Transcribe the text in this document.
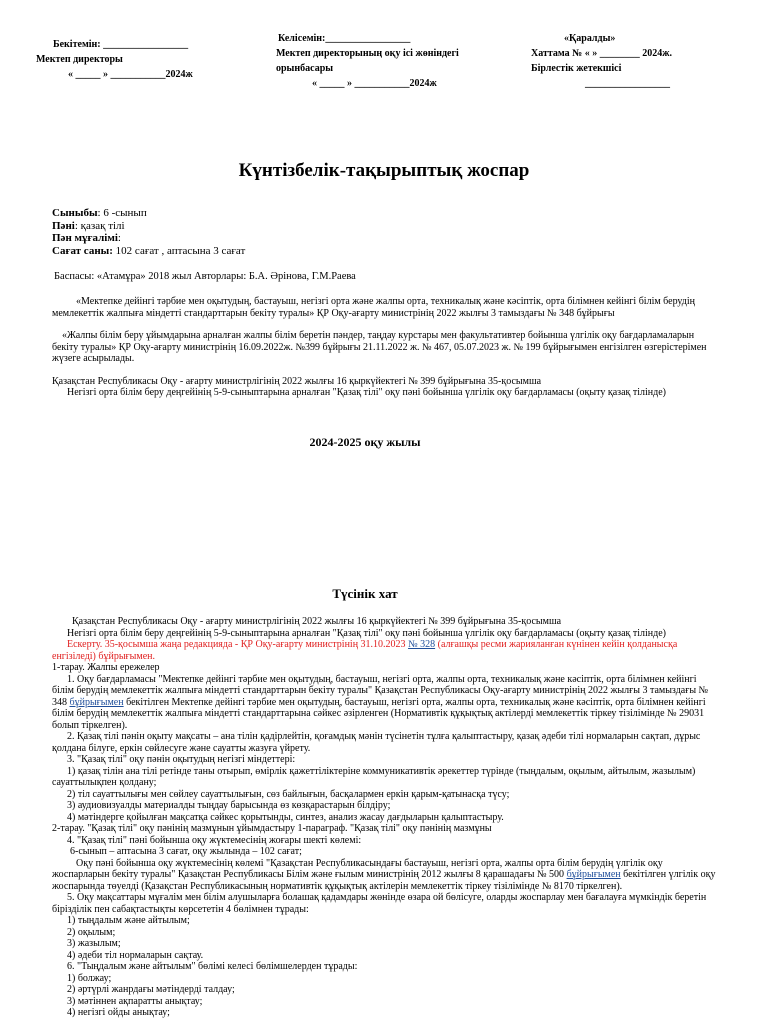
Бекітемін: _________________
Мектеп директоры
« _____ » ___________2024ж
Келісемін:_________________
Мектеп директорының оқу ісі жөніндегі
орынбасары
« _____ » ___________2024ж
«Қаралды»
Хаттама № « » ________ 2024ж.
Бірлестік жетекшісі
_________________
Күнтізбелік-тақырыптық жоспар
Сыныбы: 6 -сынып
Пәні: қазақ тілі
Пән мұғалімі:
Сағат саны: 102 сағат , аптасына 3 сағат
Баспасы: «Атамұра» 2018 жыл Авторлары: Б.А. Әрінова, Г.М.Раева
«Мектепке дейінгі тәрбие мен оқытудың, бастауыш, негізгі орта және жалпы орта, техникалық және кәсіптік, орта білімнен кейінгі білім берудің мемлекеттік жалпыға міндетті стандарттарын бекіту туралы» ҚР Оқу-ағарту министрінің 2022 жылғы 3 тамыздағы № 348 бұйрығы
«Жалпы білім беру ұйымдарына арналған жалпы білім беретін пәндер, таңдау курстары мен факультативтер бойынша үлгілік оқу бағдарламаларын бекіту туралы» ҚР Оқу-ағарту министрінің 16.09.2022ж. №399 бұйрығы 21.11.2022 ж. № 467, 05.07.2023 ж. № 199 бұйрығымен енгізілген өзгерістерімен жүзеге асырылады.
Қазақстан Республикасы Оқу - ағарту министрлігінің 2022 жылғы 16 қыркүйектегі № 399 бұйрығына 35-қосымша
Негізгі орта білім беру деңгейінің 5-9-сыныптарына арналған "Қазақ тілі" оқу пәні бойынша үлгілік оқу бағдарламасы (оқыту қазақ тілінде)
2024-2025 оқу жылы
Түсінік хат
Қазақстан Республикасы Оқу - ағарту министрлігінің 2022 жылғы 16 қыркүйектегі № 399 бұйрығына 35-қосымша
Негізгі орта білім беру деңгейінің 5-9-сыныптарына арналған "Қазақ тілі" оқу пәні бойынша үлгілік оқу бағдарламасы (оқыту қазақ тілінде)
Ескерту. 35-қосымша жаңа редакцияда - ҚР Оқу-ағарту министрінің 31.10.2023 № 328 (алғашқы ресми жарияланған күнінен кейін қолданысқа енгізіледі) бұйрығымен.
1-тарау. Жалпы ережелер
1. Оқу бағдарламасы "Мектепке дейінгі тәрбие мен оқытудың, бастауыш, негізгі орта, жалпы орта, техникалық және кәсіптік, орта білімнен кейінгі білім берудің мемлекеттік жалпыға міндетті стандарттарын бекіту туралы" Қазақстан Республикасы Оқу-ағарту министрінің 2022 жылғы 3 тамыздағы № 348 бұйрығымен бекітілген Мектепке дейінгі тәрбие мен оқытудың, бастауыш, негізгі орта, жалпы орта, техникалық және кәсіптік, орта білімнен кейінгі білім берудің мемлекеттік жалпыға міндетті стандарттарына сәйкес әзірленген (Нормативтік құқықтық актілерді мемлекеттік тіркеу тізілімінде № 29031 болып тіркелген).
2. Қазақ тілі пәнін оқыту мақсаты – ана тілін қадірлейтін, қоғамдық мәнін түсінетін тұлға қалыптастыру, қазақ әдеби тілі нормаларын сақтап, дұрыс қолдана білуге, еркін сөйлесуге және сауатты жазуға үйрету.
3. "Қазақ тілі" оқу пәнін оқытудың негізгі міндеттері:
1) қазақ тілін ана тілі ретінде таны отырып, өмірлік қажеттіліктеріне коммуникативтік әрекеттер түрінде (тыңдалым, оқылым, айтылым, жазылым) сауаттылықпен қолдану;
2) тіл сауаттылығы мен сөйлеу сауаттылығын, сөз байлығын, басқалармен еркін қарым-қатынасқа түсу;
3) аудиовизуалды материалды тыңдау барысында өз көзқарастарын білдіру;
4) мәтіндерге қойылған мақсатқа сәйкес қорытынды, синтез, анализ жасау дағдыларын қалыптастыру.
2-тарау. "Қазақ тілі" оқу пәнінің мазмұнын ұйымдастыру 1-параграф. "Қазақ тілі" оқу пәнінің мазмұны
4. "Қазақ тілі" пәні бойынша оқу жүктемесінің жоғары шекті көлемі:
6-сынып – аптасына 3 сағат, оқу жылында – 102 сағат;
Оқу пәні бойынша оқу жүктемесінің көлемі "Қазақстан Республикасындағы бастауыш, негізгі орта, жалпы орта білім берудің үлгілік оқу жоспарларын бекіту туралы" Қазақстан Республикасы Білім және ғылым министрінің 2012 жылғы 8 қарашадағы № 500 бұйрығымен бекітілген үлгілік оқу жоспарында төуелді (Қазақстан Республикасының нормативтік құқықтық актілерін мемлекеттік тіркеу тізілімінде № 8170 тіркелген).
5. Оқу мақсаттары мұғалім мен білім алушыларға болашақ қадамдары жөнінде өзара ой бөлісуге, оларды жоспарлау мен бағалауға мүмкіндік беретін біріздiлік пен сабақтастықты көрсететін 4 бөлімнен тұрады:
1) тыңдалым және айтылым;
2) оқылым;
3) жазылым;
4) әдеби тіл нормаларын сақтау.
6. "Тыңдалым және айтылым" бөлімі келесі бөлімшелерден тұрады:
1) болжау;
2) әртүрлі жанрдағы мәтіндерді талдау;
3) мәтіннен ақпаратты анықтау;
4) негізгі ойды анықтау;
